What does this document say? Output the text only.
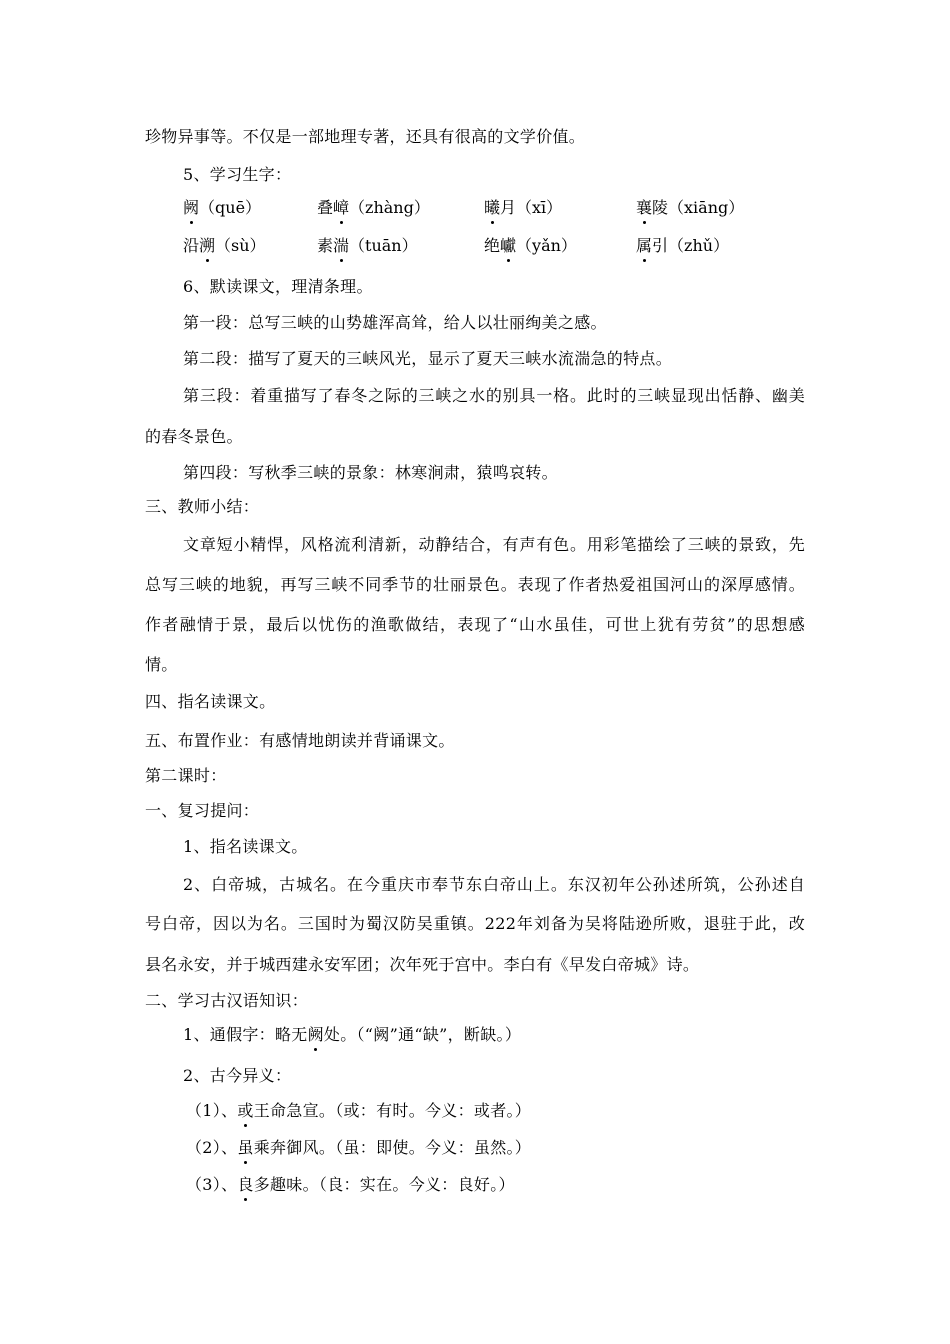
珍物异事等。不仅是一部地理专著，还具有很高的文学价值。
5、学习生字：
阙（quē）	叠嶂（zhàng）	曦月（xī）	襄陵（xiāng）
沿溯（sù）	素湍（tuān）	绝巘（yǎn）	属引（zhǔ）
6、默读课文，理清条理。
第一段：总写三峡的山势雄浑高耸，给人以壮丽绚美之感。
第二段：描写了夏天的三峡风光，显示了夏天三峡水流湍急的特点。
第三段：着重描写了春冬之际的三峡之水的别具一格。此时的三峡显现出恬静、幽美
的春冬景色。
第四段：写秋季三峡的景象：林寒涧肃，猿鸣哀转。
三、教师小结：
文章短小精悍，风格流利清新，动静结合，有声有色。用彩笔描绘了三峡的景致，先
总写三峡的地貌，再写三峡不同季节的壮丽景色。表现了作者热爱祖国河山的深厚感情。
作者融情于景，最后以忧伤的渔歌做结，表现了“山水虽佳，可世上犹有劳贫”的思想感
情。
四、指名读课文。
五、布置作业：有感情地朗读并背诵课文。
第二课时：
一、复习提问：
1、指名读课文。
2、白帝城，古城名。在今重庆市奉节东白帝山上。东汉初年公孙述所筑，公孙述自
号白帝，因以为名。三国时为蜀汉防吴重镇。222年刘备为吴将陆逊所败，退驻于此，改
县名永安，并于城西建永安军团；次年死于宫中。李白有《早发白帝城》诗。
二、学习古汉语知识：
1、通假字：略无阙处。（“阙”通“缺”，断缺。）
2、古今异义：
（1）、或王命急宣。（或：有时。今义：或者。）
（2）、虽乘奔御风。（虽：即使。今义：虽然。）
（3）、良多趣味。（良：实在。今义：良好。）
